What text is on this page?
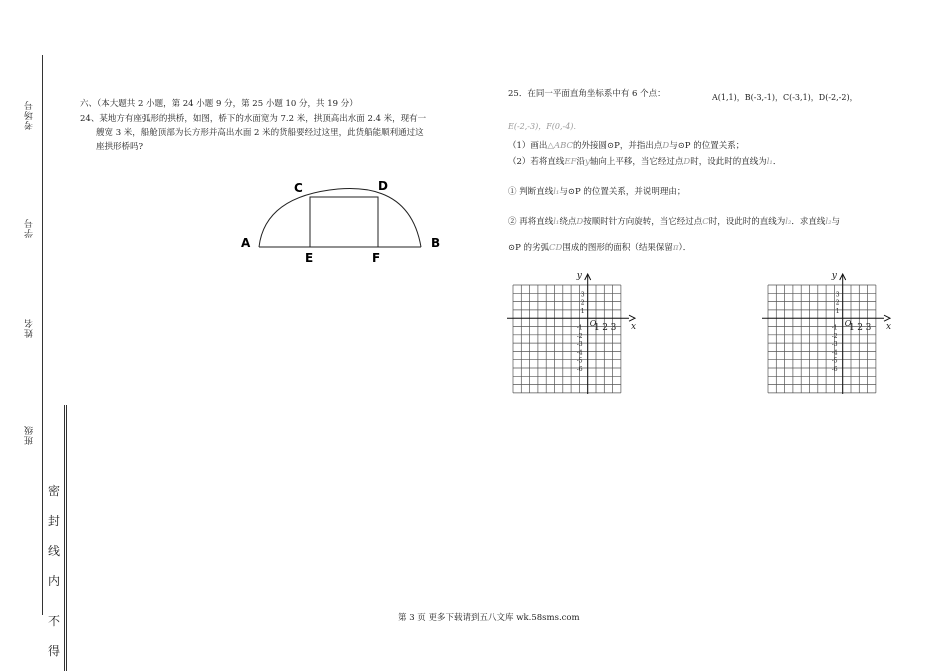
考场号
学号
姓名
班级
密
封
线
内
不
得
六、（本大题共 2 小题，第 24 小题 9 分，第 25 小题 10 分，共 19 分）
24、某地方有座弧形的拱桥，如图，桥下的水面宽为 7.2 米，拱顶高出水面 2.4 米，现有一
艘宽 3 米，船舱顶部为长方形并高出水面 2 米的货船要经过这里，此货船能顺利通过这
座拱形桥吗?
A	B
C	D
E	F
25．在同一平面直角坐标系中有 6 个点：	A(1,1)，B(-3,-1)，C(-3,1)，D(-2,-2)，
E(-2,-3)，F(0,-4)．
（1）画出△ABC的外接圆⊙P，并指出点D与⊙P 的位置关系；
（2）若将直线EF沿y轴向上平移，当它经过点D时，设此时的直线为l₁．
① 判断直线l₁与⊙P 的位置关系，并说明理由；
② 再将直线l₁绕点D按顺时针方向旋转，当它经过点C时，设此时的直线为l₂．求直线l₂与
⊙P 的劣弧CD围成的图形的面积（结果保留π）．
y
x
O
1
2
3
-1
-2
-3
-4
-5
-6
1 2 3
y
x
O
1
2
3
-1
-2
-3
-4
-5
-6
1 2 3
第 3 页 更多下载请到五八文库 wk.58sms.com
